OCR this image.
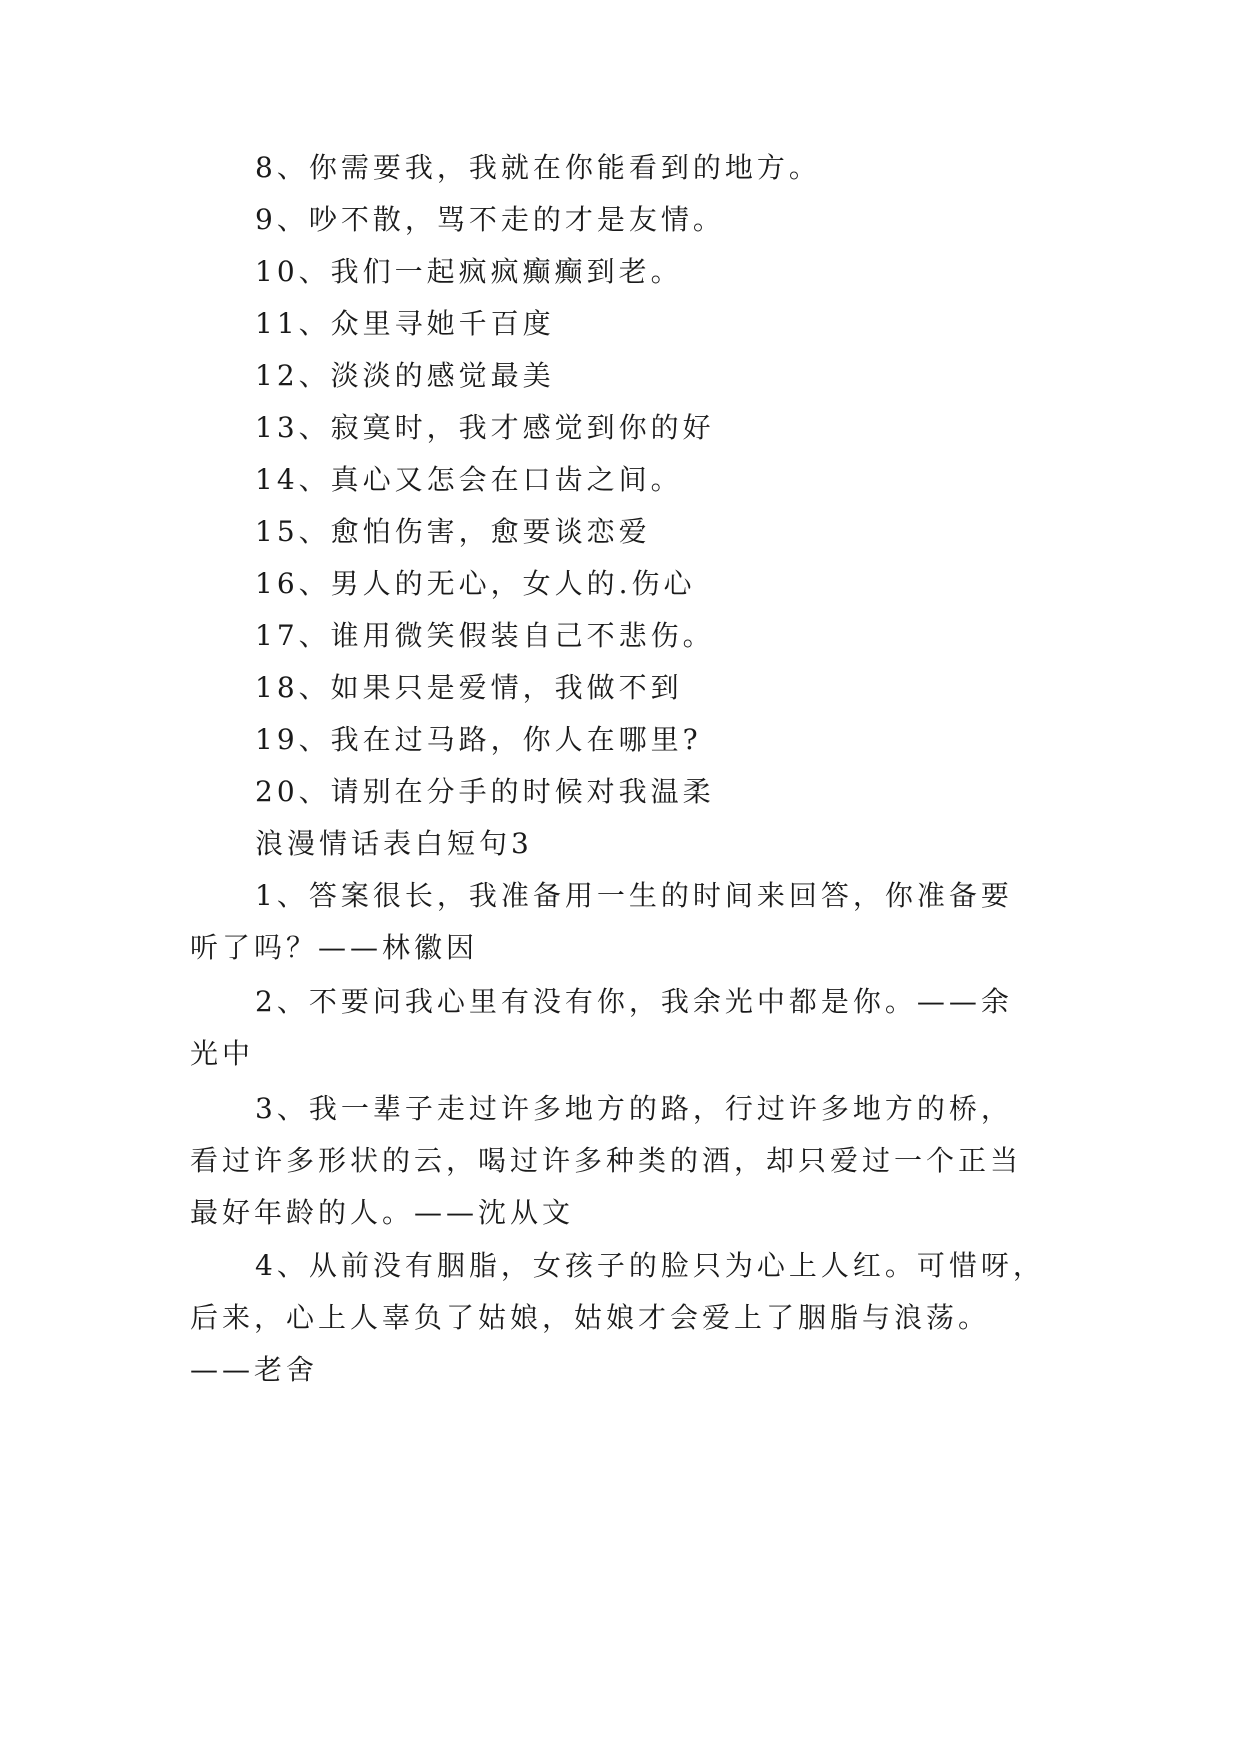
8、你需要我，我就在你能看到的地方。
9、吵不散，骂不走的才是友情。
10、我们一起疯疯癫癫到老。
11、众里寻她千百度
12、淡淡的感觉最美
13、寂寞时，我才感觉到你的好
14、真心又怎会在口齿之间。
15、愈怕伤害，愈要谈恋爱
16、男人的无心，女人的.伤心
17、谁用微笑假装自己不悲伤。
18、如果只是爱情，我做不到
19、我在过马路，你人在哪里?
20、请别在分手的时候对我温柔
浪漫情话表白短句3
1、答案很长，我准备用一生的时间来回答，你准备要
听了吗？——林徽因
2、不要问我心里有没有你，我余光中都是你。——余
光中
3、我一辈子走过许多地方的路，行过许多地方的桥，
看过许多形状的云，喝过许多种类的酒，却只爱过一个正当
最好年龄的人。——沈从文
4、从前没有胭脂，女孩子的脸只为心上人红。可惜呀，
后来，心上人辜负了姑娘，姑娘才会爱上了胭脂与浪荡。
——老舍
